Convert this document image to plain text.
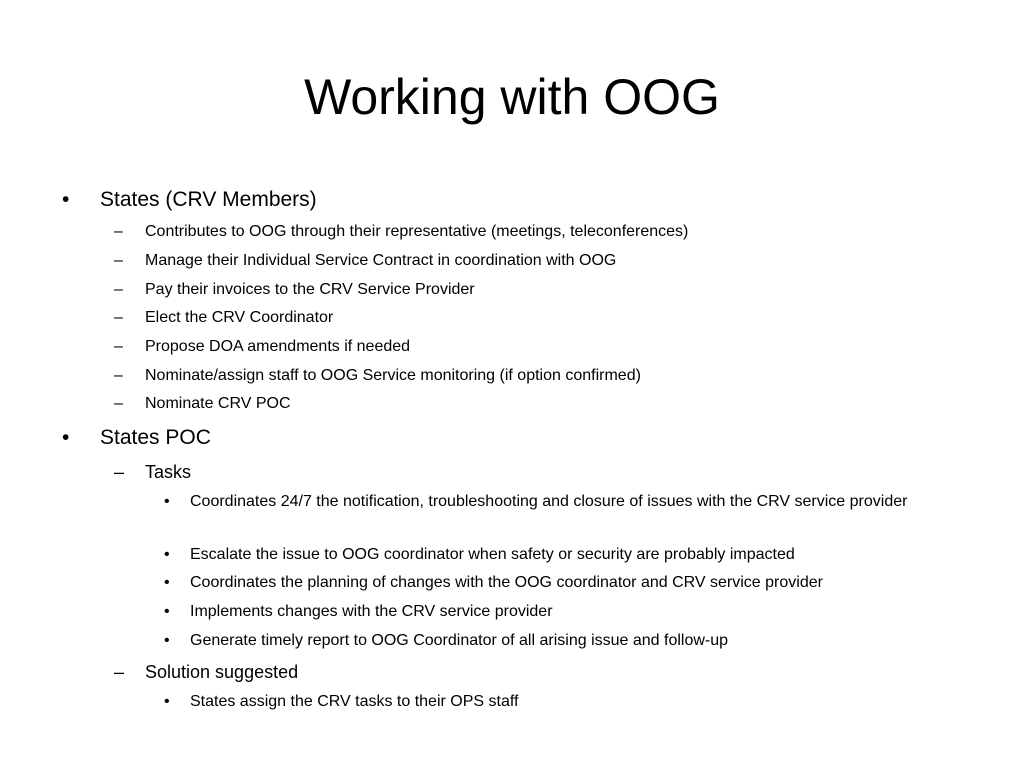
Working with OOG
• States (CRV Members)
– Contributes to OOG through their representative (meetings, teleconferences)
– Manage their Individual Service Contract in coordination with OOG
– Pay their invoices to the CRV Service Provider
– Elect the CRV Coordinator
– Propose DOA amendments if needed
– Nominate/assign staff to OOG Service monitoring (if option confirmed)
– Nominate CRV POC
• States POC
– Tasks
• Coordinates 24/7 the notification, troubleshooting and closure of issues with the CRV service provider
• Escalate the issue to OOG coordinator when safety or security are probably impacted
• Coordinates the planning of changes with the OOG coordinator and CRV service provider
• Implements changes with the CRV service provider
• Generate timely report to OOG Coordinator of all arising issue and follow-up
– Solution suggested
• States assign the CRV tasks to their OPS staff
